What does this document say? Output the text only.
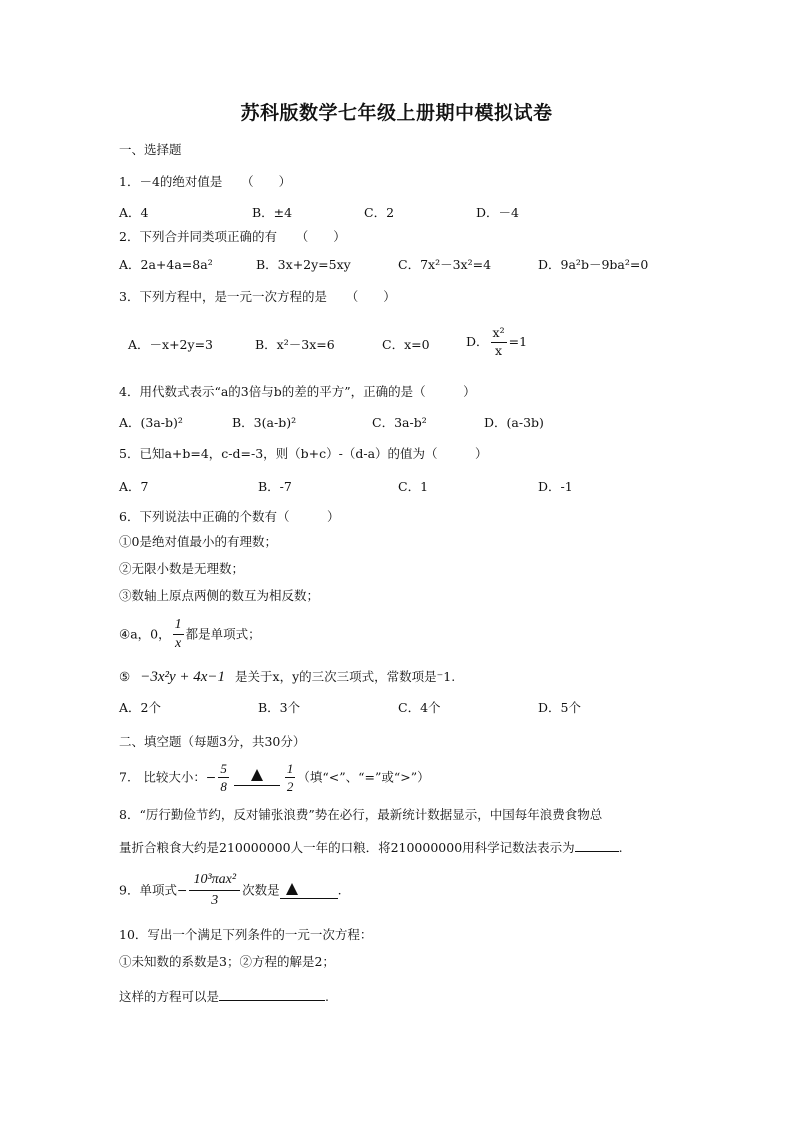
苏科版数学七年级上册期中模拟试卷
一、选择题
1．－4的绝对值是　　（　　）
A．4	B．±4	C．2	D．－4
2．下列合并同类项正确的有　　（　　）
A．2a+4a=8a²	B．3x+2y=5xy	C．7x²－3x²=4	D．9a²b－9ba²=0
3．下列方程中，是一元一次方程的是　　（　　）
A．－x+2y=3	B．x²－3x=6	C．x=0	D． $\frac{\text{x²}}{x} =1$
4．用代数式表示“a的3倍与b的差的平方”，正确的是（　　　）
A．(3a-b)²	B．3(a-b)²	C．3a-b²	D．(a-3b)
5．已知a+b=4，c-d=-3，则（b+c）-（d-a）的值为（　　　）
A．7	B．-7	C．1	D．-1
6．下列说法中正确的个数有（　　　）
①0是绝对值最小的有理数；
②无限小数是无理数；
③数轴上原点两侧的数互为相反数；
④a，0， $\frac{1}{x}$ 都是单项式；
⑤ −3x²y + 4x−1 是关于x，y的三次三项式，常数项是⁻1.
A．2个	B．3个	C．4个	D．5个
二、填空题（每题3分，共30分）
7.　比较大小：− $\frac{5}{8}$	$\frac{1}{2}$ （填“<”、“=”或“>”）
8．“厉行勤俭节约，反对铺张浪费”势在必行，最新统计数据显示，中国每年浪费食物总
量折合粮食大约是210000000人一年的口粮．将210000000用科学记数法表示为	.
9．单项式− $\frac{\text{10³πax²}}{3}$ 次数是	.
10．写出一个满足下列条件的一元一次方程：
①未知数的系数是3；②方程的解是2；
这样的方程可以是	.
